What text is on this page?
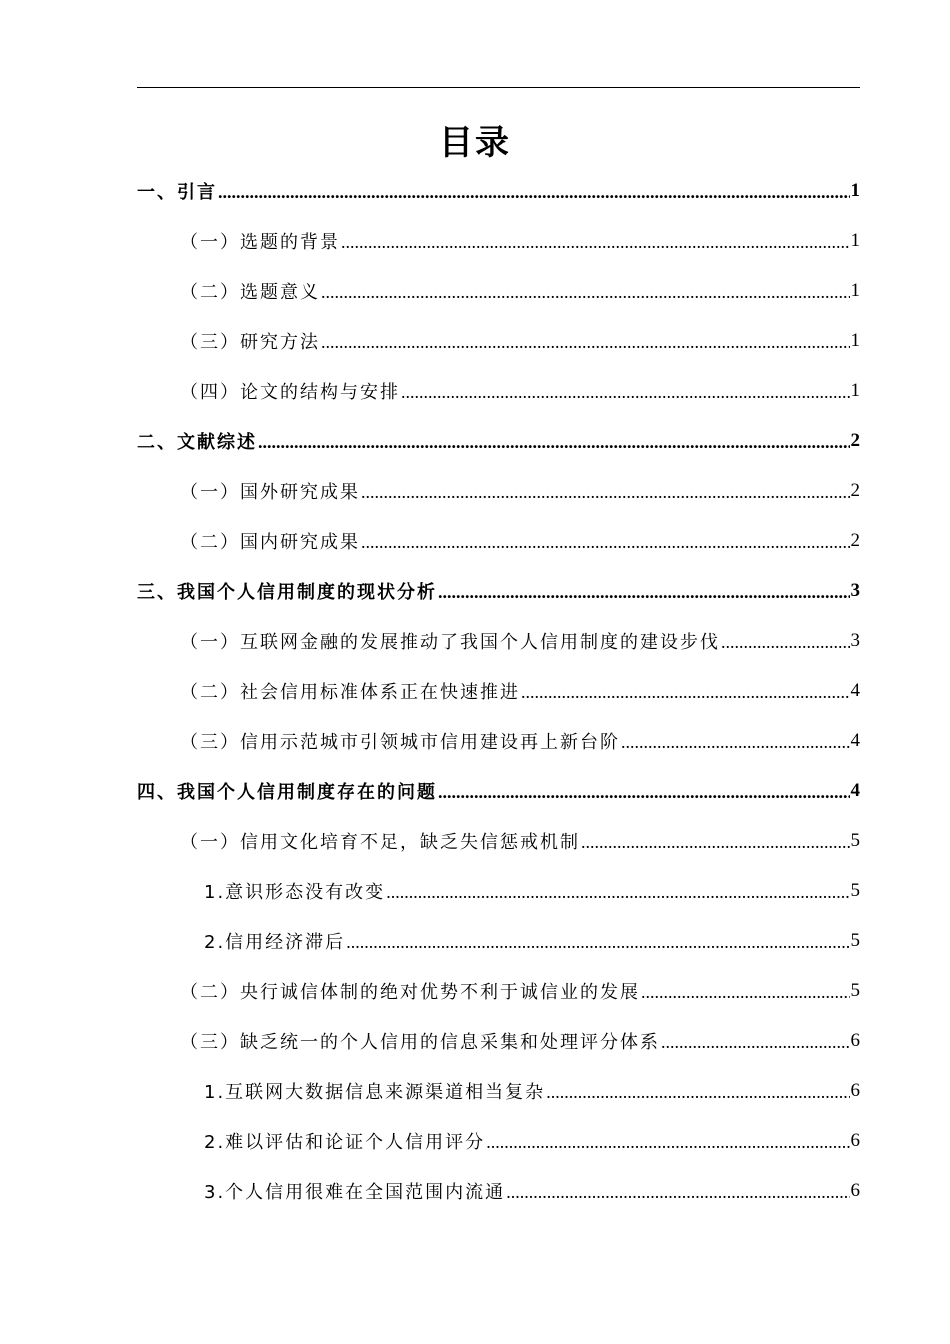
目录
一、引言 .....	1
（一）选题的背景 .....	1
（二）选题意义 .....	1
（三）研究方法 .....	1
（四）论文的结构与安排 .....	1
二、文献综述 .....	2
（一）国外研究成果 .....	2
（二）国内研究成果 .....	2
三、我国个人信用制度的现状分析 .....	3
（一）互联网金融的发展推动了我国个人信用制度的建设步伐 .....	3
（二）社会信用标准体系正在快速推进 .....	4
（三）信用示范城市引领城市信用建设再上新台阶 .....	4
四、我国个人信用制度存在的问题 .....	4
（一）信用文化培育不足，缺乏失信惩戒机制 .....	5
1.意识形态没有改变 .....	5
2.信用经济滞后 .....	5
（二）央行诚信体制的绝对优势不利于诚信业的发展 .....	5
（三）缺乏统一的个人信用的信息采集和处理评分体系 .....	6
1.互联网大数据信息来源渠道相当复杂 .....	6
2.难以评估和论证个人信用评分 .....	6
3.个人信用很难在全国范围内流通 .....	6
